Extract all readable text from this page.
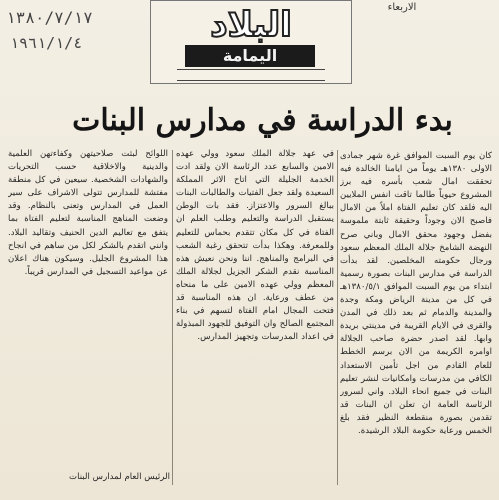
١٣٨٠/٧/١٧
١٩٦١/١/٤
الاربعاء
البلاد
اليمامة
بدء الدراسة في مدارس البنات

كان يوم السبت الموافق غرة شهر جمادى الاولى ١٣٨٠هـ يوماً من ايامنا الخالدة فيه تحققت امال شعب بأسره فيه برز المشروع حيوياً طالما تاقت انفس الملايين اليه فلقد كان تعليم الفتاة املاً من الامال فاصبح الان وجوداً وحقيقة ثابتة ملموسة بفضل وجهود محقق الامال وباني صرح النهضة الشامخ جلالة الملك المعظم سعود ورجال حكومته المخلصين. لقد بدأت الدراسة في مدارس البنات بصورة رسمية ابتداء من يوم السبت الموافق ١٣٨٠/٥/١هـ في كل من مدينة الرياض ومكة وجدة والمدينة والدمام ثم بعد ذلك في المدن والقرى في الايام القريبة في مدينتي بريدة وابها. لقد اصدر حضرة صاحب الجلالة اوامره الكريمة من الان برسم الخطط للعام القادم من اجل تأمين الاستعداد الكافي من مدرسات وامكانيات لنشر تعليم البنات في جميع انحاء البلاد. واني لسرور الرئاسة العامة ان تعلن ان البنات قد تقدمن بصورة منقطعة النظير فقد بلغ الخمس ورعاية حكومة البلاد الرشيدة.

في عهد جلالة الملك سعود وولي عهده الامين والسابع عدد الرئاسة الان ولقد ادت الخدمة الجليلة التي اتاح الاثر المملكة السعيدة ولقد جعل الفتيات والطالبات البنات ببالغ السرور والاعتزاز. فقد بات الوطن يستقبل الدراسة والتعليم وطلب العلم ان الفتاة في كل مكان تتقدم بحماس للتعليم وللمعرفة. وهكذا بدأت تتحقق رغبة الشعب في البرامج والمناهج. اننا ونحن نعيش هذه المناسبة نقدم الشكر الجزيل لجلالة الملك المعظم وولي عهده الامين على ما منحاه من عطف ورعاية. ان هذه المناسبة قد فتحت المجال امام الفتاة لتسهم في بناء المجتمع الصالح وان التوفيق للجهود المبذولة في اعداد المدرسات وتجهيز المدارس.

اللوائح لبثت صلاحيتهن وكفاءتهن العلمية والدينية والاخلاقية حسب التحريات والشهادات الشخصية. سيعين في كل منطقة مفتشة للمدارس تتولى الاشراف على سير العمل في المدارس وتعنى بالنظام. وقد وضعت المناهج المناسبة لتعليم الفتاة بما يتفق مع تعاليم الدين الحنيف وتقاليد البلاد. وانني اتقدم بالشكر لكل من ساهم في انجاح هذا المشروع الجليل. وسيكون هناك اعلان عن مواعيد التسجيل في المدارس قريباً.

الرئيس العام لمدارس البنات
